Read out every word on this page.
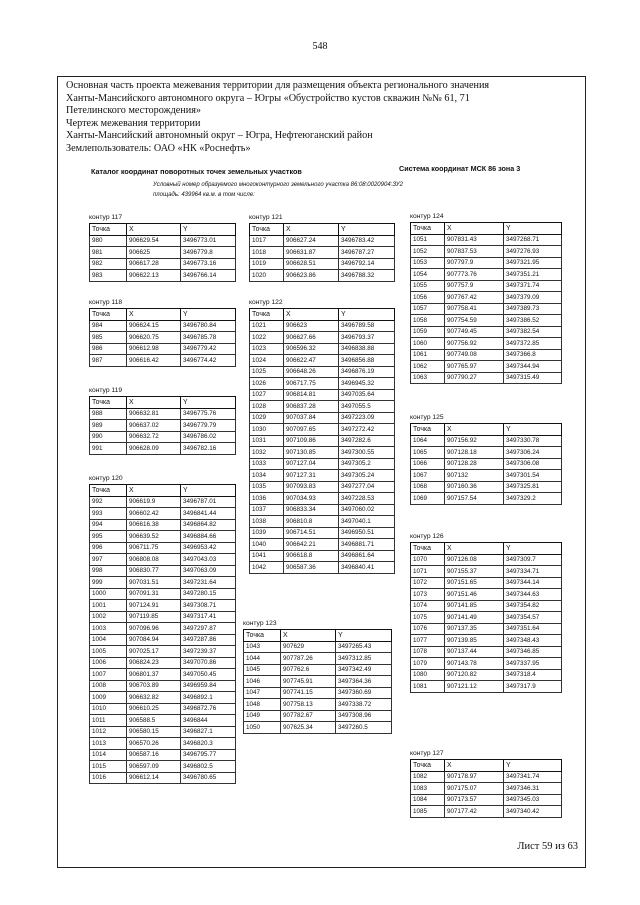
548
Основная часть проекта межевания территории для размещения объекта регионального значения
Ханты-Мансийского автономного округа – Югры «Обустройство кустов скважин №№ 61, 71
Петелинского месторождения»
Чертеж межевания территории
Ханты-Мансийский автономный округ – Югра, Нефтеюганский район
Землепользователь: ОАО «НК «Роснефть»
Каталог координат поворотных точек земельных участков	Система координат МСК 86 зона 3
Условный номер образуемого многоконтурного земельного участка 86:08:0020904:ЗУ2
площадь: 439964 кв.м. в том числе:
контур 117
Точка	X	Y
980	906629.54	3496773.01
981	906625	3496779.8
982	906617.28	3496773.16
983	906622.13	3496766.14
контур 118
Точка	X	Y
984	906624.15	3496780.84
985	906620.75	3496785.78
986	906612.98	3496779.42
987	906616.42	3496774.42
контур 119
Точка	X	Y
988	906632.81	3496775.76
989	906637.02	3496779.79
990	906632.72	3496786.02
991	906628.09	3496782.16
контур 120
Точка	X	Y
992	906619.9	3496787.01
993	906602.42	3496841.44
994	906616.38	3496864.82
995	906639.52	3496884.66
996	906711.75	3496953.42
997	906808.08	3497043.03
998	906830.77	3497063.09
999	907031.51	3497231.64
1000	907091.31	3497280.15
1001	907124.91	3497308.71
1002	907119.85	3497317.41
1003	907096.96	3497297.87
1004	907084.94	3497287.86
1005	907025.17	3497239.37
1006	906824.23	3497070.86
1007	906801.37	3497050.45
1008	906703.89	3496959.84
1009	906632.82	3496892.1
1010	906610.25	3496872.76
1011	906588.5	3496844
1012	906580.15	3496827.1
1013	906570.26	3496820.3
1014	906587.16	3496795.77
1015	906597.09	3496802.5
1016	906612.14	3496780.65
контур 121
Точка	X	Y
1017	906627.24	3496783.42
1018	906631.87	3496787.27
1019	906628.51	3496792.14
1020	906623.86	3496788.32
контур 122
Точка	X	Y
1021	906623	3496789.58
1022	906627.66	3496793.37
1023	906596.32	3496838.88
1024	906622.47	3496856.88
1025	906648.26	3496876.19
1026	906717.75	3496945.32
1027	906814.81	3497035.64
1028	906837.28	3497055.5
1029	907037.84	3497223.09
1030	907097.65	3497272.42
1031	907109.86	3497282.6
1032	907130.85	3497300.55
1033	907127.04	3497305.2
1034	907127.31	3497305.24
1035	907093.83	3497277.04
1036	907034.93	3497228.53
1037	906833.34	3497060.02
1038	906810.8	3497040.1
1039	906714.51	3496950.51
1040	906642.21	3496881.71
1041	906618.8	3496861.64
1042	906587.36	3496840.41
контур 123
Точка	X	Y
1043	907629	3497265.43
1044	907787.26	3497312.85
1045	907762.6	3497342.49
1046	907745.91	3497364.36
1047	907741.15	3497360.69
1048	907758.13	3497338.72
1049	907782.67	3497308.96
1050	907625.34	3497260.5
контур 124
Точка	X	Y
1051	907831.43	3497268.71
1052	907837.53	3497276.93
1053	907797.9	3497321.95
1054	907773.76	3497351.21
1055	907757.9	3497371.74
1056	907767.42	3497379.09
1057	907758.41	3497389.73
1058	907754.59	3497386.52
1059	907749.45	3497382.54
1060	907756.92	3497372.85
1061	907749.08	3497366.8
1062	907765.97	3497344.94
1063	907790.27	3497315.49
контур 125
Точка	X	Y
1064	907156.92	3497330.78
1065	907128.18	3497306.24
1066	907128.28	3497306.08
1067	907132	3497301.54
1068	907160.36	3497325.81
1069	907157.54	3497329.2
контур 126
Точка	X	Y
1070	907126.08	3497309.7
1071	907155.37	3497334.71
1072	907151.65	3497344.14
1073	907151.46	3497344.63
1074	907141.85	3497354.82
1075	907141.49	3497354.57
1076	907137.35	3497351.64
1077	907139.85	3497348.43
1078	907137.44	3497346.85
1079	907143.78	3497337.95
1080	907120.82	3497318.4
1081	907121.12	3497317.9
контур 127
Точка	X	Y
1082	907178.97	3497341.74
1083	907175.07	3497346.31
1084	907173.57	3497345.03
1085	907177.42	3497340.42
Лист 59 из 63
